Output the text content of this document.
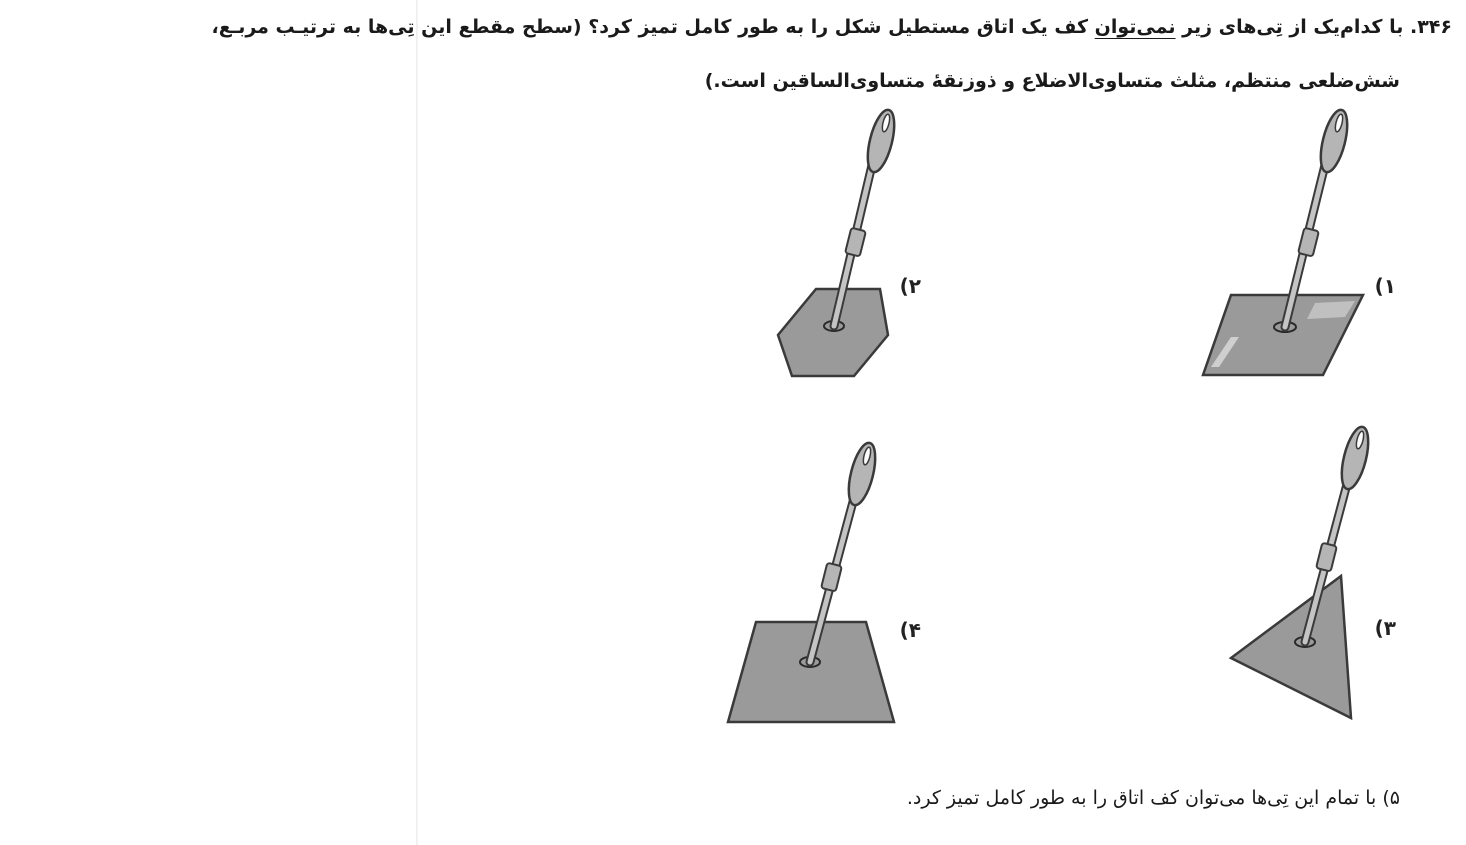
۳۴۶. با کدام‌یک از تِی‌های زیر نمی‌توان کف یک اتاق مستطیل شکل را به طور کامل تمیز کرد؟ (سطح مقطع این تِی‌ها به ترتیـب مربـع،
شش‌ضلعی منتظم، مثلث متساوی‌الاضلاع و ذوزنقهٔ متساوی‌الساقین است.)
۱)
۲)
۳)
۴)
۵) با تمام این تِی‌ها می‌توان کف اتاق را به طور کامل تمیز کرد.
